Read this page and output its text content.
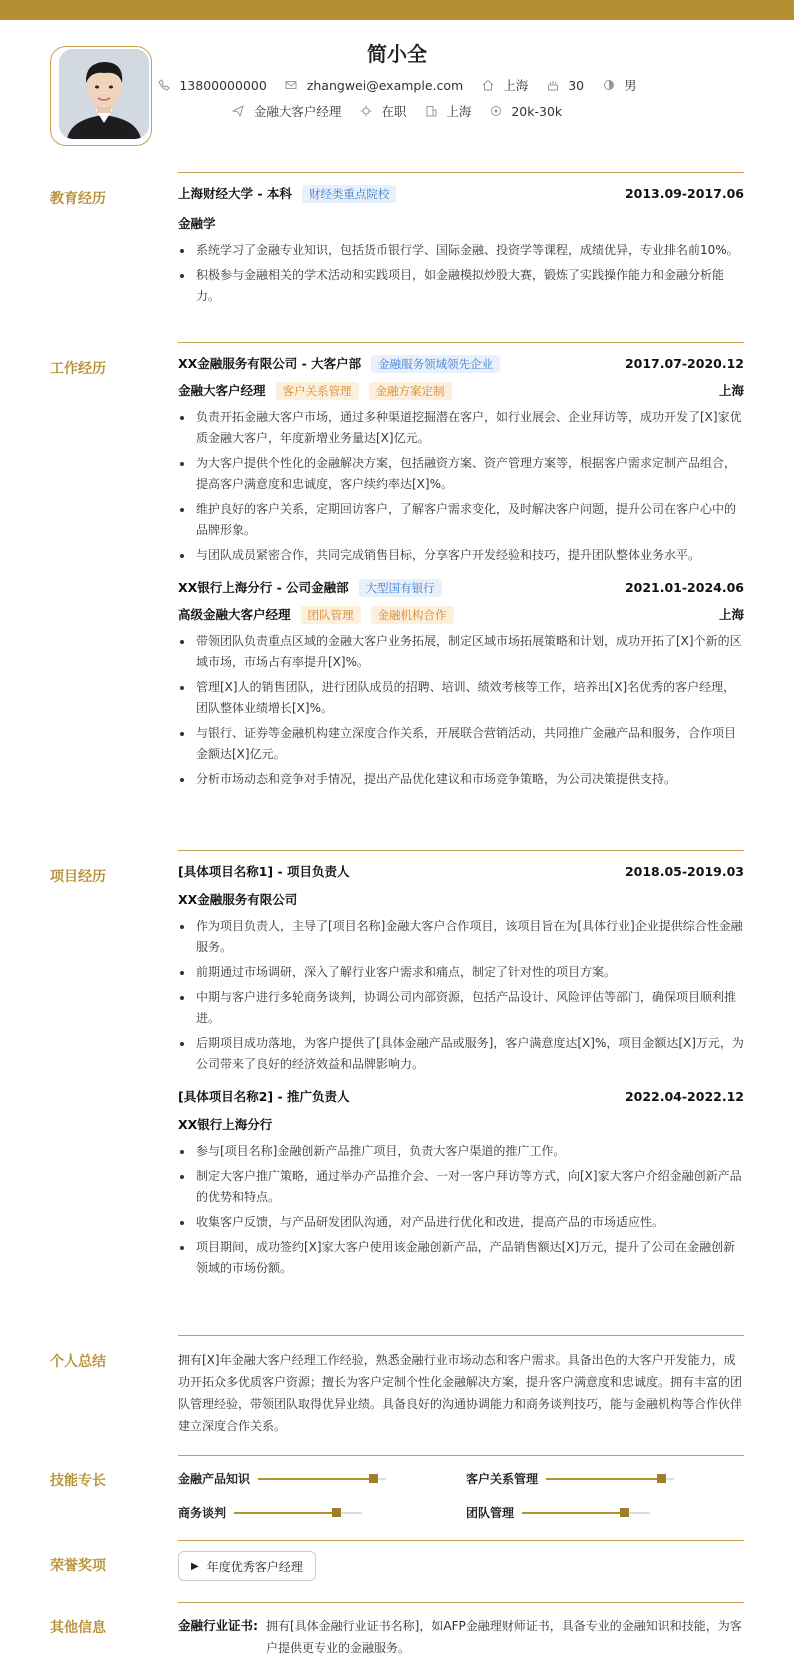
简小全
13800000000	zhangwei@example.com	上海	30	男
金融大客户经理	在职	上海	20k-30k
教育经历	上海财经大学 - 本科 财经类重点院校	2013.09-2017.06
金融学
系统学习了金融专业知识，包括货币银行学、国际金融、投资学等课程，成绩优异，专业排名前10%。
积极参与金融相关的学术活动和实践项目，如金融模拟炒股大赛，锻炼了实践操作能力和金融分析能力。
工作经历	XX金融服务有限公司 - 大客户部 金融服务领域领先企业	2017.07-2020.12
金融大客户经理 客户关系管理 金融方案定制	上海
负责开拓金融大客户市场，通过多种渠道挖掘潜在客户，如行业展会、企业拜访等，成功开发了[X]家优质金融大客户，年度新增业务量达[X]亿元。
为大客户提供个性化的金融解决方案，包括融资方案、资产管理方案等，根据客户需求定制产品组合，提高客户满意度和忠诚度，客户续约率达[X]%。
维护良好的客户关系，定期回访客户，了解客户需求变化，及时解决客户问题，提升公司在客户心中的品牌形象。
与团队成员紧密合作，共同完成销售目标，分享客户开发经验和技巧，提升团队整体业务水平。
XX银行上海分行 - 公司金融部 大型国有银行	2021.01-2024.06
高级金融大客户经理 团队管理 金融机构合作	上海
带领团队负责重点区域的金融大客户业务拓展，制定区域市场拓展策略和计划，成功开拓了[X]个新的区域市场，市场占有率提升[X]%。
管理[X]人的销售团队，进行团队成员的招聘、培训、绩效考核等工作，培养出[X]名优秀的客户经理，团队整体业绩增长[X]%。
与银行、证券等金融机构建立深度合作关系，开展联合营销活动，共同推广金融产品和服务，合作项目金额达[X]亿元。
分析市场动态和竞争对手情况，提出产品优化建议和市场竞争策略，为公司决策提供支持。
项目经历	[具体项目名称1] - 项目负责人	2018.05-2019.03
XX金融服务有限公司
作为项目负责人，主导了[项目名称]金融大客户合作项目，该项目旨在为[具体行业]企业提供综合性金融服务。
前期通过市场调研，深入了解行业客户需求和痛点，制定了针对性的项目方案。
中期与客户进行多轮商务谈判，协调公司内部资源，包括产品设计、风险评估等部门，确保项目顺利推进。
后期项目成功落地，为客户提供了[具体金融产品或服务]，客户满意度达[X]%，项目金额达[X]万元，为公司带来了良好的经济效益和品牌影响力。
[具体项目名称2] - 推广负责人	2022.04-2022.12
XX银行上海分行
参与[项目名称]金融创新产品推广项目，负责大客户渠道的推广工作。
制定大客户推广策略，通过举办产品推介会、一对一客户拜访等方式，向[X]家大客户介绍金融创新产品的优势和特点。
收集客户反馈，与产品研发团队沟通，对产品进行优化和改进，提高产品的市场适应性。
项目期间，成功签约[X]家大客户使用该金融创新产品，产品销售额达[X]万元，提升了公司在金融创新领域的市场份额。
个人总结	拥有[X]年金融大客户经理工作经验，熟悉金融行业市场动态和客户需求。具备出色的大客户开发能力，成功开拓众多优质客户资源；擅长为客户定制个性化金融解决方案，提升客户满意度和忠诚度。拥有丰富的团队管理经验，带领团队取得优异业绩。具备良好的沟通协调能力和商务谈判技巧，能与金融机构等合作伙伴建立深度合作关系。
技能专长	金融产品知识	客户关系管理
商务谈判	团队管理
荣誉奖项	▶ 年度优秀客户经理
其他信息	金融行业证书: 拥有[具体金融行业证书名称]，如AFP金融理财师证书，具备专业的金融知识和技能，为客户提供更专业的金融服务。
